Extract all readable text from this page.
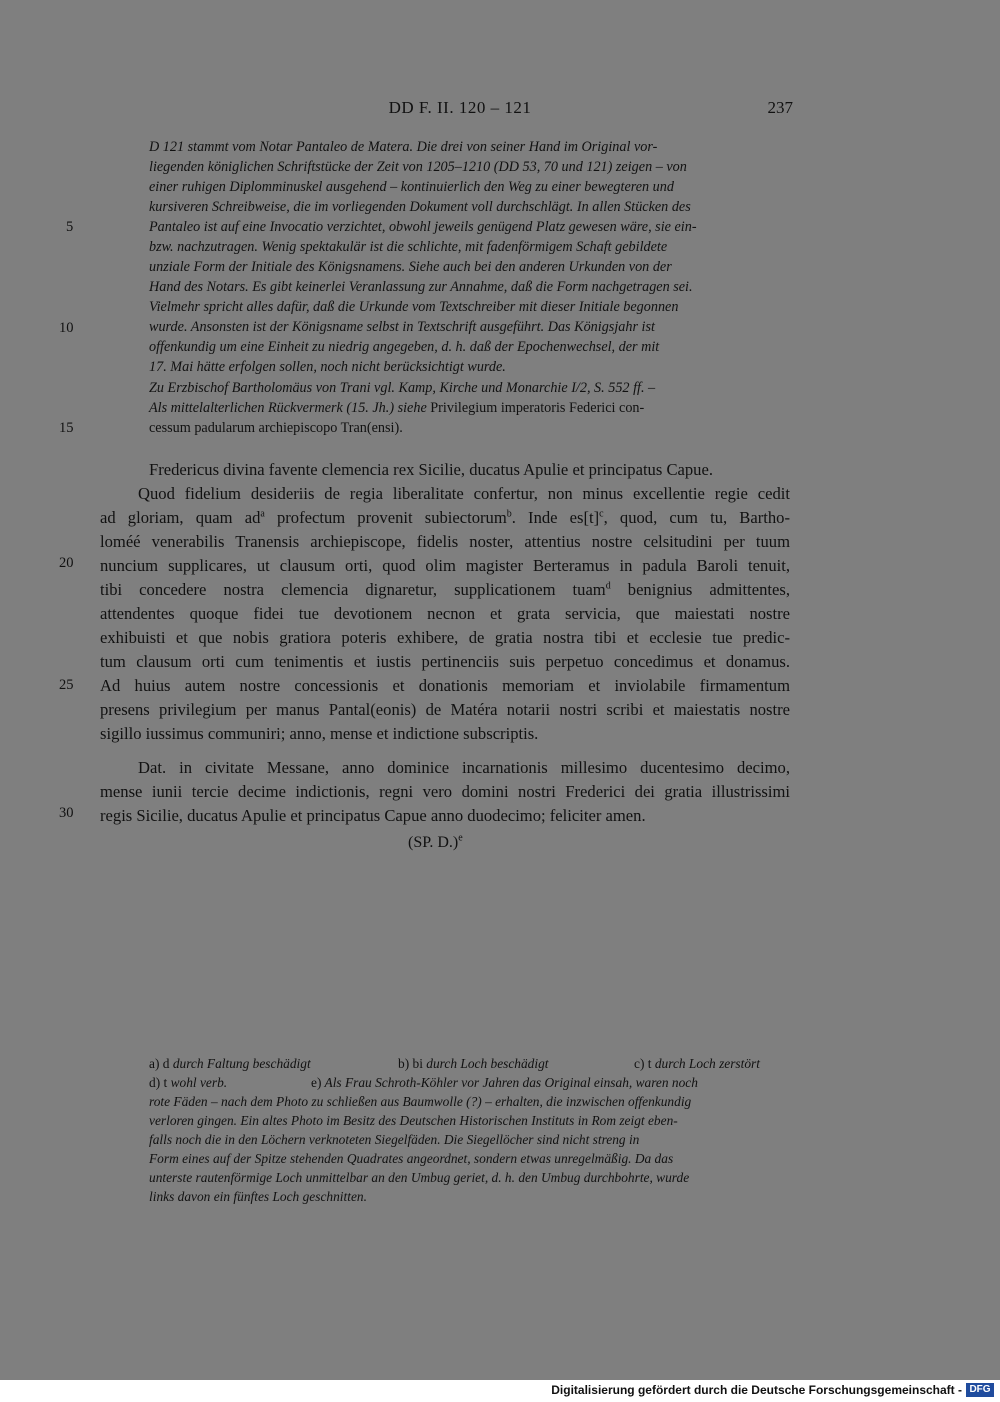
DD F. II. 120 – 121	237
5
10
15
20
25
30
D 121 stammt vom Notar Pantaleo de Matera. Die drei von seiner Hand im Original vor-
liegenden königlichen Schriftstücke der Zeit von 1205–1210 (DD 53, 70 und 121) zeigen – von
einer ruhigen Diplomminuskel ausgehend – kontinuierlich den Weg zu einer bewegteren und
kursiveren Schreibweise, die im vorliegenden Dokument voll durchschlägt. In allen Stücken des
Pantaleo ist auf eine Invocatio verzichtet, obwohl jeweils genügend Platz gewesen wäre, sie ein-
bzw. nachzutragen. Wenig spektakulär ist die schlichte, mit fadenförmigem Schaft gebildete
unziale Form der Initiale des Königsnamens. Siehe auch bei den anderen Urkunden von der
Hand des Notars. Es gibt keinerlei Veranlassung zur Annahme, daß die Form nachgetragen sei.
Vielmehr spricht alles dafür, daß die Urkunde vom Textschreiber mit dieser Initiale begonnen
wurde. Ansonsten ist der Königsname selbst in Textschrift ausgeführt. Das Königsjahr ist
offenkundig um eine Einheit zu niedrig angegeben, d. h. daß der Epochenwechsel, der mit
17. Mai hätte erfolgen sollen, noch nicht berücksichtigt wurde.
Zu Erzbischof Bartholomäus von Trani vgl. Kamp, Kirche und Monarchie I/2, S. 552 ff. –
Als mittelalterlichen Rückvermerk (15. Jh.) siehe Privilegium imperatoris Federici con-
cessum padularum archiepiscopo Tran(ensi).
Fredericus divina favente clemencia rex Sicilie, ducatus Apulie et principatus Capue.
Quod fidelium desideriis de regia liberalitate confertur, non minus excellentie regie cedit
ad gloriam, quam $ad^a$ profectum provenit subiectorum$^b$. Inde $es[t]^c$, quod, cum tu, Bartho-
loméé venerabilis Tranensis archiepiscope, fidelis noster, attentius nostre celsitudini per tuum
nuncium supplicares, ut clausum orti, quod olim magister Berteramus in padula Baroli tenuit,
tibi concedere nostra clemencia dignaretur, supplicationem tuam$^d$ benignius admittentes,
attendentes quoque fidei tue devotionem necnon et grata servicia, que maiestati nostre
exhibuisti et que nobis gratiora poteris exhibere, de gratia nostra tibi et ecclesie tue predic-
tum clausum orti cum tenimentis et iustis pertinenciis suis perpetuo concedimus et donamus.
Ad huius autem nostre concessionis et donationis memoriam et inviolabile firmamentum
presens privilegium per manus Pantal(eonis) de Matéra notarii nostri scribi et maiestatis nostre
sigillo iussimus communiri; anno, mense et indictione subscriptis.
Dat. in civitate Messane, anno dominice incarnationis millesimo ducentesimo decimo,
mense iunii tercie decime indictionis, regni vero domini nostri Frederici dei gratia illustrissimi
regis Sicilie, ducatus Apulie et principatus Capue anno duodecimo; feliciter amen.
(SP. D.)$^e$
a) d durch Faltung beschädigt	b) bi durch Loch beschädigt	c) t durch Loch zerstört
d) t wohl verb.	e) Als Frau Schroth-Köhler vor Jahren das Original einsah, waren noch
rote Fäden – nach dem Photo zu schließen aus Baumwolle (?) – erhalten, die inzwischen offenkundig
verloren gingen. Ein altes Photo im Besitz des Deutschen Historischen Instituts in Rom zeigt eben-
falls noch die in den Löchern verknoteten Siegelfäden. Die Siegellöcher sind nicht streng in
Form eines auf der Spitze stehenden Quadrates angeordnet, sondern etwas unregelmäßig. Da das
unterste rautenförmige Loch unmittelbar an den Umbug geriet, d. h. den Umbug durchbohrte, wurde
links davon ein fünftes Loch geschnitten.
Digitalisierung gefördert durch die Deutsche Forschungsgemeinschaft - DFG
